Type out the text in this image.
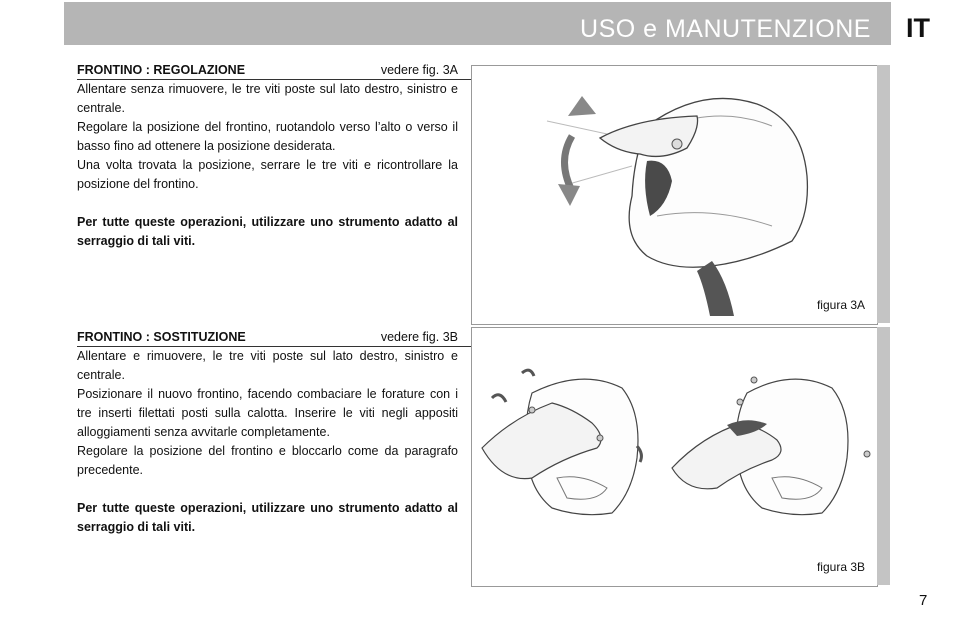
USO e MANUTENZIONE IT
FRONTINO : REGOLAZIONE	vedere fig. 3A

Allentare senza rimuovere, le tre viti poste sul lato destro, sinistro e centrale.

Regolare la posizione del frontino, ruotandolo verso l’alto o verso il basso fino ad ottenere la posizione desiderata.

Una volta trovata la posizione, serrare le tre viti e ricontrollare la posizione del frontino.

Per tutte queste operazioni, utilizzare uno strumento adatto al serraggio di tali viti.

figura 3A
FRONTINO : SOSTITUZIONE	vedere fig. 3B

Allentare e rimuovere, le tre viti poste sul lato destro, sinistro e centrale.

Posizionare il nuovo frontino, facendo combaciare le forature con i tre inserti filettati posti sulla calotta. Inserire le viti negli appositi alloggiamenti senza avvitarle completamente.

Regolare la posizione del frontino e bloccarlo come da paragrafo precedente.

Per tutte queste operazioni, utilizzare uno strumento adatto al serraggio di tali viti.

figura 3B
7
